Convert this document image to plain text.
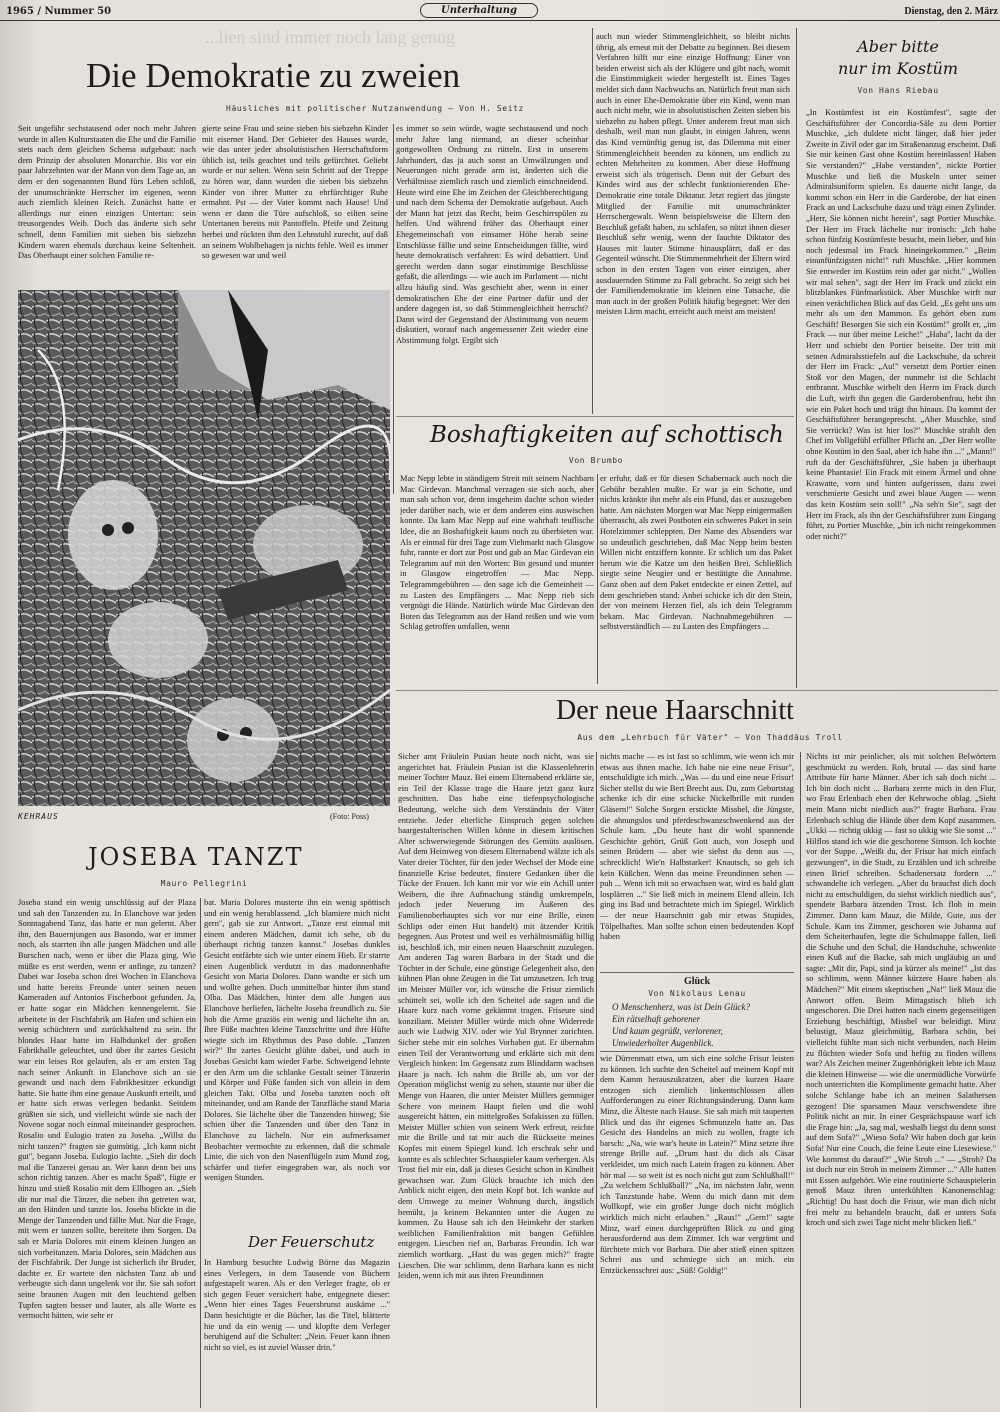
1965 / Nummer 50	Unterhaltung	Dienstag, den 2. März
...lien sind immer noch lang genug
Die Demokratie zu zweien
Häusliches mit politischer Nutzanwendung — Von H. Seitz
Seit ungefähr sechstausend oder noch mehr Jahren wurde in allen Kulturstaaten die Ehe und die Familie stets nach dem gleichen Schema aufgebaut: nach dem Prinzip der absoluten Monarchie. Bis vor ein paar Jahrzehnten war der Mann von dem Tage an, an dem er den sogenannten Bund fürs Leben schloß, der unumschränkte Herrscher im eigenen, wenn auch ziemlich kleinen Reich. Zunächst hatte er allerdings nur einen einzigen Untertan: sein treusorgendes Weib. Doch das änderte sich sehr schnell, denn Familien mit sieben bis siebzehn Kindern waren ehemals durchaus keine Seltenheit. Das Oberhaupt einer solchen Familie re-
gierte seine Frau und seine sieben bis siebzehn Kinder mit eiserner Hand. Der Gebieter des Hauses wurde, wie das unter jeder absolutistischen Herrschaftsform üblich ist, teils geachtet und teils gefürchtet. Geliebt wurde er nur selten. Wenn sein Schritt auf der Treppe zu hören war, dann wurden die sieben bis siebzehn Kinder von ihrer Mutter zu ehrfürchtiger Ruhe ermahnt. Pst — der Vater kommt nach Hause! Und wenn er dann die Türe aufschloß, so eilten seine Untertanen bereits mit Pantoffeln. Pfeife und Zeitung herbei und rückten ihm den Lehnstuhl zurecht, auf daß an seinem Wohlbehagen ja nichts fehle. Weil es immer so gewesen war und weil
es immer so sein würde, wagte sechstausend und noch mehr Jahre lang niemand, an dieser scheinbar gottgewollten Ordnung zu rütteln. Erst in unserem Jahrhundert, das ja auch sonst an Umwälzungen und Neuerungen nicht gerade arm ist, änderten sich die Verhältnisse ziemlich rasch und ziemlich einschneidend. Heute wird eine Ehe im Zeichen der Gleichberechtigung und nach dem Schema der Demokratie aufgebaut. Auch der Mann hat jetzt das Recht, beim Geschirrspülen zu helfen. Und während früher das Oberhaupt einer Ehegemeinschaft von einsamer Höhe herab seine Entschlüsse fällte und seine Entscheidungen fällte, wird heute demokratisch verfahren: Es wird debattiert. Und gerecht werden dann sogar einstimmige Beschlüsse gefaßt, die allerdings — wie auch im Parlament — nicht allzu häufig sind. Was geschieht aber, wenn in einer demokratischen Ehe der eine Partner dafür und der andere dagegen ist, so daß Stimmengleichheit herrscht? Dann wird der Gegenstand der Abstimmung von neuem diskutiert, worauf nach angemessener Zeit wieder eine Abstimmung folgt. Ergibt sich
auch nun wieder Stimmengleichheit, so bleibt nichts übrig, als erneut mit der Debatte zu beginnen. Bei diesem Verfahren hilft nur eine einzige Hoffnung: Einer von beiden erweist sich als der Klügere und gibt nach, womit die Einstimmigkeit wieder hergestellt ist. Eines Tages meldet sich dann Nachwuchs an. Natürlich freut man sich auch in einer Ehe-Demokratie über ein Kind, wenn man auch nicht mehr, wie in absolutistischen Zeiten sieben bis siebzehn zu haben pflegt. Unter anderem freut man sich deshalb, weil man nun glaubt, in einigen Jahren, wenn das Kind vernünftig genug ist, das Dilemma mit einer Stimmengleichheit beenden zu können, um endlich zu echten Mehrheiten zu kommen. Aber diese Hoffnung erweist sich als trügerisch. Denn mit der Geburt des Kindes wird aus der schlecht funktionierenden Ehe-Demokratie eine totale Diktatur. Jetzt regiert das jüngste Mitglied der Familie mit unumschränkter Herrschergewalt. Wenn beispielsweise die Eltern den Beschluß gefaßt haben, zu schlafen, so nützt ihnen dieser Beschluß sehr wenig, wenn der fauchte Diktator des Hauses mit lauter Stimme hinausplärrt, daß er das Gegenteil wünscht. Die Stimmenmehrheit der Eltern wird schon in den ersten Tagen von einer einzigen, aber ausdauernden Stimme zu Fall gebracht. So zeigt sich bei der Familiendemokratie im kleinen eine Tatsache, die man auch in der großen Politik häufig begegnet: Wer den meisten Lärm macht, erreicht auch meist am meisten!
KEHRAUS	(Foto: Poss)
Aber bitte
nur im Kostüm
Von Hans Riebau
„In Kostümfest ist ein Kostümfest", sagte der Geschäftsführer der Concordia-Säle zu dem Portier Muschke, „ich duldete nicht länger, daß hier jeder Zweite in Zivil oder gar im Straßenanzug erscheint. Daß Sie mir keinen Gast ohne Kostüm hereinlassen! Haben Sie verstanden?" „Habe verstanden", nickte Portier Muschke und ließ die Muskeln unter seiner Admiralsuniform spielen. Es dauerte nicht lange, da kommt schon ein Herr in die Garderobe, der hat einen Frack an und Lackschuhe dazu und trägt einen Zylinder. „Herr, Sie können nicht herein", sagt Portier Muschke. Der Herr im Frack lächelte nur ironisch: „Ich habe schon fünfzig Kostümfeste besucht, mein lieber, und bin noch jedesmal im Frack hineingekommen." „Beim einunfünfzigsten nicht!" ruft Muschke. „Hier kommen Sie entweder im Kostüm rein oder gar nicht." „Wollen wir mal sehen", sagt der Herr im Frack und zückt ein blitzblankes Fünfmarkstück. Aber Muschke wirft nur einen verächtlichen Blick auf das Geld. „Es geht uns um mehr als um den Mammon. Es gehört eben zum Geschäft! Besorgen Sie sich ein Kostüm!" grollt er, „im Frack — nur über meine Leiche!" „Haha", lacht da der Herr und schiebt den Portier beiseite. Der tritt mit seinen Admiralsstiefeln auf die Lackschuhe, da schreit der Herr im Frack: „Au!" versetzt dem Portier einen Stoß vor den Magen, der nunmehr ist die Schlacht entbrannt. Muschke wirbelt den Herrn im Frack durch die Luft, wirft ihn gegen die Garderobenfrau, hebt ihn wie ein Paket hoch und trägt ihn hinaus. Da kommt der Geschäftsführer herangeprescht. „Aber Muschke, sind Sie verrückt? Was ist hier los?" Muschke strahlt den Chef im Vollgefühl erfüllter Pflicht an. „Der Herr wollte ohne Kostüm in den Saal, aber ich habe ihn ..." „Mann!" ruft da der Geschäftsführer, „Sie haben ja überhaupt keine Phantasie! Ein Frack mit einem Ärmel und ohne Krawatte, vorn und hinten aufgerissen, dazu zwei verschmierte Gesicht und zwei blaue Augen — wenn das kein Kostüm sein soll!" „Na seh'n Sie", sagt der Herr im Frack, als ihn der Geschäftsführer zum Eingang führt, zu Portier Muschke, „bin ich nicht reingekommen oder nicht?"
Boshaftigkeiten auf schottisch
Von Brumbo
Mac Nepp lebte in ständigem Streit mit seinem Nachbarn Mac Girdevan. Manchmal verzagen sie sich auch, aber man sah schon vor, denn insgeheim dachte schon wieder jeder darüber nach, wie er dem anderen eins auswischen konnte. Da kam Mac Nepp auf eine wahrhaft teuflische Idee, die an Boshaftigkeit kaum noch zu überbieten war. Als er einmal für drei Tage zum Viehmarkt nach Glasgow fuhr, rannte er dort zur Post und gab an Mac Girdevan ein Telegramm auf mit den Worten: Bin gesund und munter in Glasgow eingetroffen — Mac Nepp. Telegrammgebühren — den sage ich die Gemeinheit — zu Lasten des Empfängers ... Mac Nepp rieb sich vergnügt die Hände. Natürlich würde Mac Girdevan den Boten das Telegramm aus der Hand reißen und wie vom Schlag getroffen umfallen, wenn
er erfuhr, daß er für diesen Schabernack auch noch die Gebühr bezahlen mußte. Er war ja ein Schotte, und nichts kränkte ihn mehr als ein Pfund, das er auszugeben hatte. Am nächsten Morgen war Mac Nepp einigermaßen überrascht, als zwei Postboten ein schweres Paket in sein Hotelzimmer schleppten. Der Name des Absenders war so undeutlich geschrieben, daß Mac Nepp beim besten Willen nicht entziffern konnte. Er schlich um das Paket herum wie die Katze um den heißen Brei. Schließlich siegte seine Neugier und er bestätigte die Annahme. Ganz oben auf dem Paket entdeckte er einen Zettel, auf dem geschrieben stand: Anbei schicke ich dir den Stein, der von meinem Herzen fiel, als ich dein Telegramm bekam. Mac Girdevan. Nachnahmegebühren — selbstverständlich — zu Lasten des Empfängers ...
Der neue Haarschnitt
Aus dem „Lehrbuch für Väter" — Von Thaddäus Troll
Sicher amt Fräulein Pusian heute noch nicht, was sie angerichtet hat. Fräulein Pusian ist die Klassenlehrerin meiner Tochter Mauz. Bei einem Elternabend erklärte sie, ein Teil der Klasse trage die Haare jetzt ganz kurz geschnitten. Das habe eine tiefenpsychologische Bedeutung, welche sich dem Verständnis der Väter entziehe. Jeder elterliche Einspruch gegen solchen haargestalterischen Willen könne in diesem kritischen Alter schwerwiegende Störungen des Gemüts auslösen. Auf dem Heimweg von diesem Elternabend wälzte ich als Vater dreier Töchter, für den jeder Wechsel der Mode eine finanzielle Krise bedeutet, finstere Gedanken über die Tücke der Frauen. Ich kann mir vor wie ein Achill unter Weibern, die ihre Aufmachung ständig umkrempeln, jedoch jeder Neuerung im Äußeren des Familienoberhauptes sich vor nur eine Brille, einen Schlips oder einen Hut handelt) mit ätzender Kritik begegnen. Aus Protest und weil es verhältnismäßig billig ist, beschloß ich, mir einen neuen Haarschnitt zuzulegen. Am anderen Tag waren Barbara in der Stadt und die Töchter in der Schule, eine günstige Gelegenheit also, den kühnen Plan ohne Zeugen in die Tat umzusetzen. Ich trug im Meister Müller vor, ich wünsche die Frisur ziemlich schüttelt sei, wolle ich den Scheitel ade sagen und die Haare kurz nach vorne gekämmt tragen. Friseure sind konziliant. Meister Müller würde mich ohne Widerrede auch wie Ludwig XIV. oder wie Yul Brynner zurichten. Sicher stehe mir ein solches Vorhaben gut. Er übernahm einen Teil der Verantwortung und erklärte sich mit dem Vergleich hinken: Im Gegensatz zum Blinddarm wachsen Haare ja nach. Ich nahm die Brille ab, um vor der Operation möglichst wenig zu sehen, staunte nur über die Menge von Haaren, die unter Meister Müllers gemmiger Schere von meinem Haupt fielen und die wohl ausgereicht hätten, ein mittelgroßes Sofakissen zu füllen. Meister Müller schien von seinem Werk erfreut, reichte mir die Brille und tat mir auch die Rückseite meines Kopfes mit einem Spiegel kund. Ich erschrak sehr und konnte es als schlechter Schauspieler kaum verbergen. Als Trost fiel mir ein, daß ja dieses Gesicht schon in Kindheit gewachsen war. Zum Glück brauchte ich mich den Anblick nicht eigen, den mein Kopf bot. Ich wankte auf dem Umwege zu meiner Wohnung durch, ängstlich bemüht, ja keinem Bekannten unter die Augen zu kommen. Zu Hause sah ich den Heimkehr der starken weiblichen Familienfraktion mit bangen Gefühlen entgegen. Lieschen rief an, Barbaras Freundin. Ich war ziemlich wortkarg. „Hast du was gegen mich?" fragte Lieschen. Die war schlimm, denn Barbara kann es nicht leiden, wenn ich mit aus ihren Freundinnen
nichts mache — es ist fast so schlimm, wie wenn ich mir etwas aus ihnen mache. Ich habe nie eine neue Frisur", entschuldigte ich mich. „Was — du und eine neue Frisur! Sicher stellst du wie Bert Brecht aus. Du, zum Geburtstag schenke ich dir eine schicke Nickelbrille mit runden Gläsern!" Solche Sorgen erstickte Missbel, die Jüngste, die ahnungslos und pferdeschwanzschwenkend aus der Schule kam. „Du heute hast dir wohl spannende Geschichte gehört, Grüß Gott auch, von Joseph und seinen Brüdern — aber wie siehst du denn aus —, schrecklich! Wie'n Halbstarker! Knautsch, so geh ich kein Küßchen. Wenn das meine Freundinnen sehen — puh ... Wenn ich mit so erwachsen war, wird es bald glatt losplärren ..." Sie ließ mich in meinem Elend allein. Ich ging ins Bad und betrachtete mich im Spiegel. Wirklich — der neue Haarschnitt gab mir etwas Stupides, Tölpelhaftes. Man sollte schon einen bedeutenden Kopf haben
wie Dürrenmatt etwa, um sich eine solche Frisur leisten zu können. Ich suchte den Scheitel auf meinem Kopf mit dem Kamm herauszukratzen, aber die kurzen Haare entzogen sich ziemlich linkentschlossen allen Aufforderungen zu einer Richtungsänderung. Dann kam Minz, die Älteste nach Hause. Sie sah mich mit tauperten Blick und das ihr eigenes Schmunzeln hatte an. Das Gesicht des Handelns an mich zu wollen, fragte ich barsch: „Na, wie war's heute in Latein?" Minz setzte ihre strenge Brille auf. „Drum hast du dich als Cäsar verkleidet, um mich nach Latein fragen zu können. Aber hör mal — so weit ist es noch nicht gut zum Schlußball!" „Zu welchem Schlußball?" „Na, im nächsten Jahr, wenn ich Tanzstunde habe. Wenn du mich dann mit dem Wollkopf, wie ein großer Junge doch nicht möglich wirklich mich nicht erlauben." „Raus!" „Gern!" sagte Minz, warf einen durchgeprüften Blick zu und ging herausfordernd aus dem Zimmer. Ich war vergrämt und fürchtete mich vor Barbara. Die aber stieß einen spitzen Schrei aus und schmiegte sich an mich. ein Entzückensschrei aus: „Süß! Goldig!"
Nichts ist mir peinlicher, als mit solchen Belwörtern geschmückt zu werden. Roh, brutal — das sind harte Attribute für harte Männer. Aber ich sah doch nicht ... Ich bin doch nicht ... Barbara zerrte mich in den Flur, wo Frau Erlenbach eben der Kehrwoche oblag. „Sieht mein Mann nicht niedlich aus?" fragte Barbara. Frau Erlenbach schlug die Hände über dem Kopf zusammen. „Ukki — richtig ukkig — fast so ukkig wie Sie sonst ..." Hilflos stand ich wie die geschorene Simson. Ich kochte vor der Suppe. „Weißt du, der Frisur hat mich einfach gezwungen“, in die Stadt, zu Erzählen und ich schreibe einen Brief schreiben. Schadenersatz fordern ..." schwandelte ich verlegen. „Aber du brauchst dich doch nicht zu entschuldigen, du siehst wirklich niedlich aus", spendete Barbara ätzenden Trost. Ich floh in mein Zimmer. Dann kam Mauz, die Milde, Gute, aus der Schule. Kam ins Zimmer, geschoren wie Johanna auf dem Scheiterhaufen, legte die Schulmappe fallen, ließ die Schuhe und den Schal, die Handschuhe, schwenkte einen Kuß auf die Backe, sah mich ungläubig an und sagte: „Mit dir, Papi, sind ja kürzer als meine!" „Ist das so schlimm, wenn Männer kürzere Haare haben als Mädchen?" Mit einem skeptischen „Na!" ließ Mauz die Antwort offen. Beim Mittagstisch blieb ich ungeschoren. Die Drei hatten nach einem gegenseitigen Erziehung beschäftigt, Missbel war beleidigt. Minz belustigt, Mauz gleichmütig, Barbara schön, bei vielleicht fühlte man sich nicht verbunden, nach Heim zu flüchten wieder Sofa und heftig zu finden willens war? Als Zeichen meiner Zugenhörigkeit lebte ich Mauz die kleinen Hinweise — wie die unermüdliche Vorwürfe noch unterrichten die Komplimente gemacht hatte. Aber solche Schlange habe ich an meinen Salathersen gezogen! Die sparsamen Mauz verschwendete ihre Politik nicht an mir. In einer Gesprächspause warf ich die Frage hin: „Ja, sag mal, weshalb liegst du denn sonst auf dem Sofa?" „Wieso Sofa? Wir haben doch gar kein Sofa! Nur eine Couch, die feine Leute eine Liesewiese." Wie kommst du darauf?" „Wie Stroh ..." — „Stroh? Da ist doch nur ein Stroh in meinem Zimmer ..." Alle hatten mit Essen aufgehört. Wie eine routinierte Schauspielerin genoß Mauz ihren unterkühlten Kanonenschlag: „Richtig! Du hast doch die Frisur, wie man dich nicht frei mehr zu behandeln braucht, daß er unters Sofa kroch und sich zwei Tage nicht mehr blicken ließ."
Glück
Von Nikolaus Lenau
O Menschenherz, was ist Dein Glück?
Ein rätselhaft geborener
Und kaum gegrüßt, verlorener,
Unwiederholter Augenblick.
JOSEBA TANZT
Mauro Pellegrini
Joseba stand ein wenig unschlüssig auf der Plaza und sah den Tanzenden zu. In Elanchove war jeden Sonntagabend Tanz, das hatte er nun gelernt. Aber ihn, den Bauernjungen aus Basondo, war er immer noch, als starrten ihn alle jungen Mädchen und alle Burschen nach, wenn er über die Plaza ging. Wie müßte es erst werden, wenn er anfinge, zu tanzen? Dabei war Joseba schon drei Wochen in Elanchova und hatte bereits Freunde unter seinen neuen Kameraden auf Antonios Fischerboot gefunden. Ja, er hatte sogar ein Mädchen kennengelernt. Sie arbeitete in der Fischfabrik am Hafen und schien ein wenig schüchtern und zurückhaltend zu sein. Ihr blondes Haar hatte im Halbdunkel der großen Fabrikhalle geleuchtet, und über ihr zartes Gesicht war ein leises Rot gelaufen, als er am ersten Tag nach seiner Ankunft in Elanchove sich an sie gewandt und nach dem Fabrikbesitzer erkundigt hatte. Sie hatte ihm eine genaue Auskunft erteilt, und er hatte sich etwas verlegen bedankt. Seitdem grüßten sie sich, und vielleicht würde sie nach der Novene sogar noch einmal miteinander gesprochen. Rosalio und Eulogio traten zu Joseba. „Willst du nicht tanzen?" fragten sie gutmütig. „Ich kann nicht gut", begann Joseba. Eulogio lachte. „Sieh dir doch mal die Tanzerei genau an. Wer kann denn bei uns schon richtig tanzen. Aber es macht Spaß", fügte er hinzu und stieß Rosalio mit dem Ellbogen an. „Sieh dir nur mal die Tänzer, die neben ihn getreten war, an den Händen und tanzte los. Joseba blickte in die Menge der Tanzenden und fällte Mut. Nur die Frage, mit wem er tanzen sollte, bereitete ihm Sorgen. Da sah er Maria Dolores mit einem kleinen Jungen an sich vorbeitanzen. Maria Dolores, sein Mädchen aus der Fischfabrik. Der Junge ist sicherlich ihr Bruder, dachte er. Er wartete den nächsten Tanz ab und verbeugte sich dann ungelenk vor ihr. Sie sah sofort seine braunen Augen mit den leuchtend gelben Tupfen sagten besser und lauter, als alle Worte es vermocht hätten, wie sehr er
bat. Maria Dolores musterte ihn ein wenig spöttisch und ein wenig herablassend. „Ich blamiere mich nicht gern", gab sie zur Antwort. „Tanze erst einmal mit einem anderen Mädchen, damit ich sehe, ob du überhaupt richtig tanzen kannst." Josebas dunkles Gesicht entfärbte sich wie unter einem Hieb. Er starrte einen Augenblick verdutzt in das madonnenhafte Gesicht von Maria Dolores. Dann wandte er sich um und wollte gehen. Doch unmittelbar hinter ihm stand Olba. Das Mädchen, hinter dem alle Jungen aus Elanchove herliefen, lächelte Joseba freundlich zu. Sie hob die Arme graziös ein wenig und lächelte ihn an. Ihre Füße machten kleine Tanzschritte und ihre Hüfte wiegte sich im Rhythmus des Paso doble. „Tanzen wir?" Ihr zartes Gesicht glühte dabei, und auch in Josebas Gesicht kam wieder Farbe. Schweigend lehnte er den Arm um die schlanke Gestalt seiner Tänzerin und Körper und Füße fanden sich von allein in dem gleichen Takt. Olba und Joseba tanzten noch oft miteinander, und am Rande der Tanzfläche stand Maria Dolores. Sie lächelte über die Tanzenden hinweg; Sie schien über die Tanzenden und über den Tanz in Elanchove zu lächeln. Nur ein aufmerksamer Beobachter vermochte zu erkennen, daß die schmale Linie, die sich von den Nasenflügeln zum Mund zog, schärfer und tiefer eingegraben war, als noch vor wenigen Stunden.
Der Feuerschutz
In Hamburg besuchte Ludwig Börne das Magazin eines Verlegers, in dem Tausende von Büchern aufgestapelt waren. Als er den Verleger fragte, ob er sich gegen Feuer versichert habe, entgegnete dieser: „Wenn hier eines Tages Feuersbrunst auskäme ..." Dann besichtigte er die Bücher, las die Titel, blätterte hie und da ein wenig — und klopfte dem Verleger beruhigend auf die Schulter: „Nein. Feuer kann ihnen nicht so viel, es ist zuviel Wasser drin."
